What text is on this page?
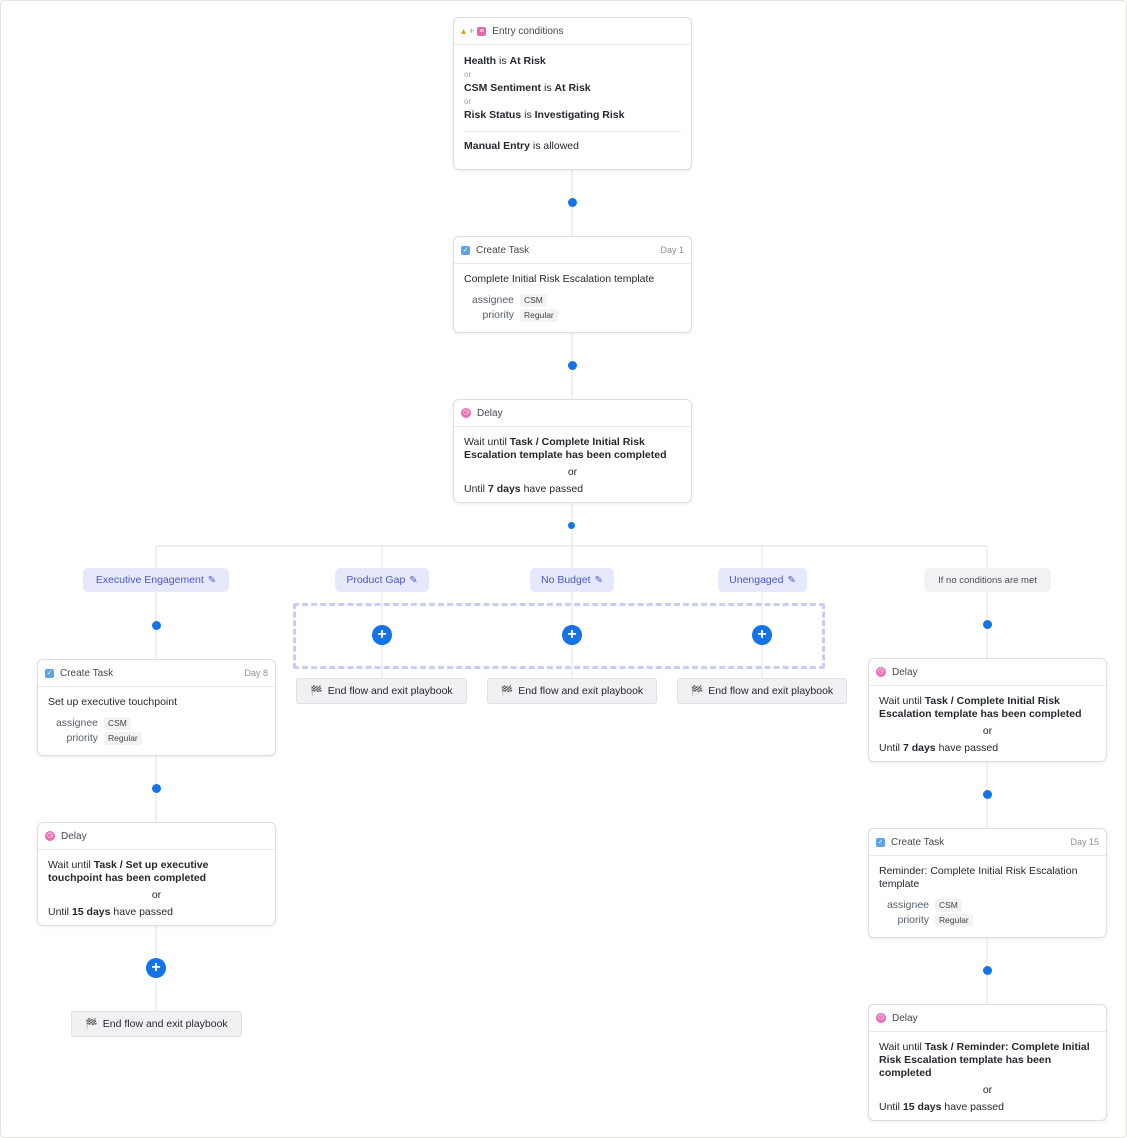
▴ + ≡ Entry conditions
Health is At Risk
or
CSM Sentiment is At Risk
or
Risk Status is Investigating Risk
Manual Entry is allowed
✓ Create Task	Day 1
Complete Initial Risk Escalation template
assignee	CSM
priority	Regular
◷ Delay
Wait until Task / Complete Initial Risk Escalation template has been completed
or
Until 7 days have passed
Executive Engagement ✎	Product Gap ✎	No Budget ✎	Unengaged ✎	If no conditions are met
+	+	+
🏁 End flow and exit playbook	🏁 End flow and exit playbook	🏁 End flow and exit playbook
✓ Create Task	Day 8
Set up executive touchpoint
assignee	CSM
priority	Regular
◷ Delay
Wait until Task / Set up executive touchpoint has been completed
or
Until 15 days have passed
+
🏁 End flow and exit playbook
◷ Delay
Wait until Task / Complete Initial Risk Escalation template has been completed
or
Until 7 days have passed
✓ Create Task	Day 15
Reminder: Complete Initial Risk Escalation template
assignee	CSM
priority	Regular
◷ Delay
Wait until Task / Reminder: Complete Initial Risk Escalation template has been completed
or
Until 15 days have passed
